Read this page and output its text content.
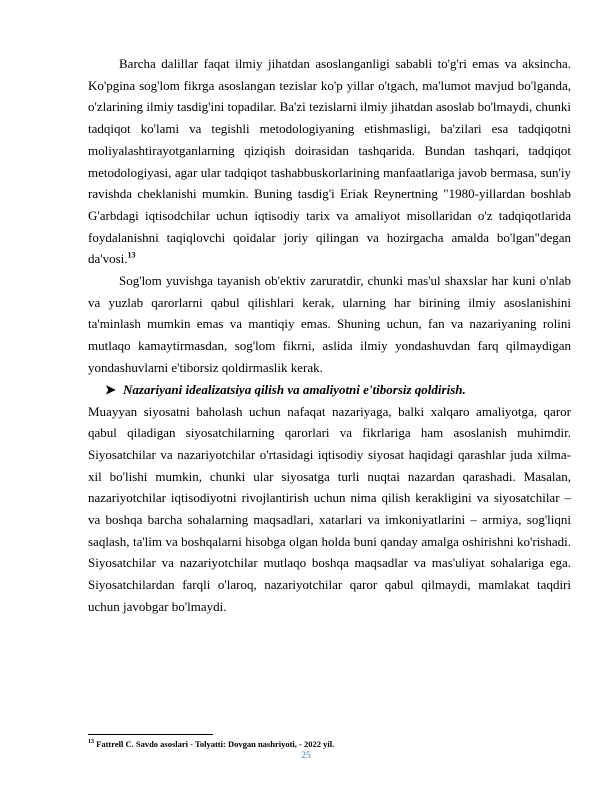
Barcha dalillar faqat ilmiy jihatdan asoslanganligi sababli to'g'ri emas va aksincha. Ko'pgina sog'lom fikrga asoslangan tezislar ko'p yillar o'tgach, ma'lumot mavjud bo'lganda, o'zlarining ilmiy tasdig'ini topadilar. Ba'zi tezislarni ilmiy jihatdan asoslab bo'lmaydi, chunki tadqiqot ko'lami va tegishli metodologiyaning etishmasligi, ba'zilari esa tadqiqotni moliyalashtirayotganlarning qiziqish doirasidan tashqarida. Bundan tashqari, tadqiqot metodologiyasi, agar ular tadqiqot tashabbuskorlarining manfaatlariga javob bermasa, sun'iy ravishda cheklanishi mumkin. Buning tasdig'i Eriak Reynertning "1980-yillardan boshlab G'arbdagi iqtisodchilar uchun iqtisodiy tarix va amaliyot misollaridan o'z tadqiqotlarida foydalanishni taqiqlovchi qoidalar joriy qilingan va hozirgacha amalda bo'lgan"degan da'vosi.$^{13}$

Sog'lom yuvishga tayanish ob'ektiv zaruratdir, chunki mas'ul shaxslar har kuni o'nlab va yuzlab qarorlarni qabul qilishlari kerak, ularning har birining ilmiy asoslanishini ta'minlash mumkin emas va mantiqiy emas. Shuning uchun, fan va nazariyaning rolini mutlaqo kamaytirmasdan, sog'lom fikrni, aslida ilmiy yondashuvdan farq qilmaydigan yondashuvlarni e'tiborsiz qoldirmaslik kerak.

➤ Nazariyani idealizatsiya qilish va amaliyotni e'tiborsiz qoldirish.

Muayyan siyosatni baholash uchun nafaqat nazariyaga, balki xalqaro amaliyotga, qaror qabul qiladigan siyosatchilarning qarorlari va fikrlariga ham asoslanish muhimdir. Siyosatchilar va nazariyotchilar o'rtasidagi iqtisodiy siyosat haqidagi qarashlar juda xilma-xil bo'lishi mumkin, chunki ular siyosatga turli nuqtai nazardan qarashadi. Masalan, nazariyotchilar iqtisodiyotni rivojlantirish uchun nima qilish kerakligini va siyosatchilar – va boshqa barcha sohalarning maqsadlari, xatarlari va imkoniyatlarini – armiya, sog'liqni saqlash, ta'lim va boshqalarni hisobga olgan holda buni qanday amalga oshirishni ko'rishadi. Siyosatchilar va nazariyotchilar mutlaqo boshqa maqsadlar va mas'uliyat sohalariga ega. Siyosatchilardan farqli o'laroq, nazariyotchilar qaror qabul qilmaydi, mamlakat taqdiri uchun javobgar bo'lmaydi.

$^{13}$ Fattrell C. Savdo asoslari - Tolyatti: Dovgan nashriyoti, - 2022 yil.
25
